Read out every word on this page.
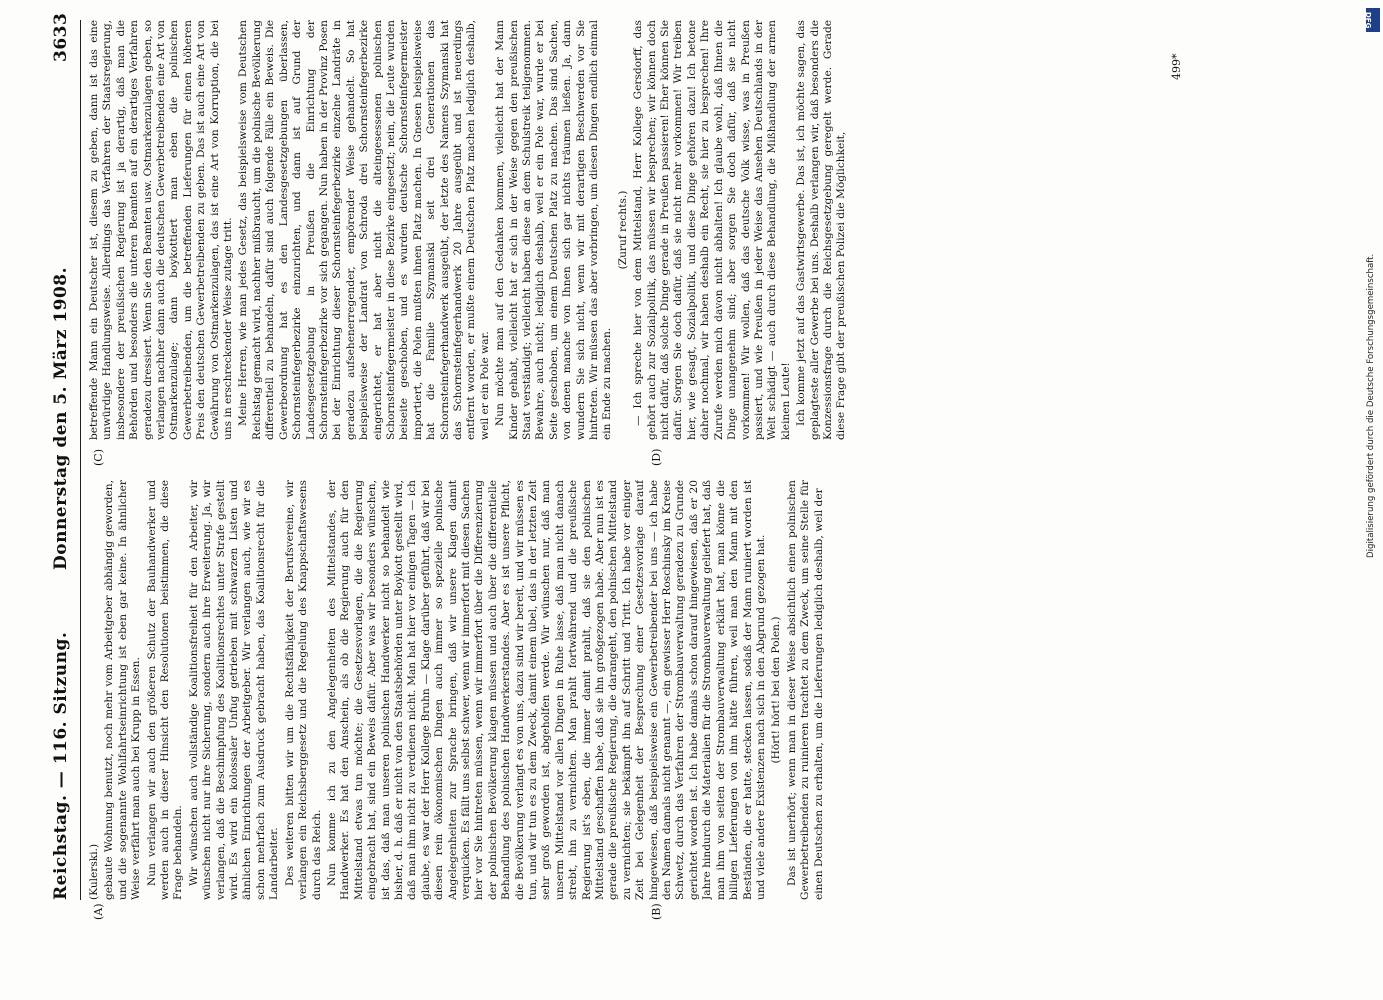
Reichstag. — 116. Sitzung.
Donnerstag den 5. März 1908.
3633
(A)
(C)
(B)
(D)

(Kulerski.) gebaute Wohnung benutzt, noch mehr vom Arbeitgeber abhängig geworden, und die sogenannte Wohlfahrtseinrichtung ist eben gar keine. In ähnlicher Weise verfährt man auch bei Krupp in Essen. Nun verlangen wir auch den größeren Schutz der Bauhandwerker und werden auch in dieser Hinsicht den Resolutionen beistimmen, die diese Frage behandeln. Wir wünschen auch vollständige Koalitionsfreiheit für den Arbeiter, wir wünschen nicht nur ihre Sicherung, sondern auch ihre Erweiterung. Ja, wir verlangen, daß die Beschimpfung des Koalitionsrechtes unter Strafe gestellt wird. Es wird ein kolossaler Unfug getrieben mit schwarzen Listen und ähnlichen Einrichtungen der Arbeitgeber. Wir verlangen auch, wie wir es schon mehrfach zum Ausdruck gebracht haben, das Koalitionsrecht für die Landarbeiter. Des weiteren bitten wir um die Rechtsfähigkeit der Berufsvereine, wir verlangen ein Reichsberggesetz und die Regelung des Knappschaftswesens durch das Reich. Nun komme ich zu den Angelegenheiten des Mittelstandes, der Handwerker. Es hat den Anschein, als ob die Regierung auch für den Mittelstand etwas tun möchte; die Gesetzesvorlagen, die die Regierung eingebracht hat, sind ein Beweis dafür. Aber was wir besonders wünschen, ist das, daß man unseren polnischen Handwerker nicht so behandelt wie bisher, d. h. daß er nicht von den Staatsbehörden unter Boykott gestellt wird, daß man ihm nicht zu verdienen nicht. Man hat hier vor einigen Tagen — ich glaube, es war der Herr Kollege Bruhn — Klage darüber geführt, daß wir bei diesen rein ökonomischen Dingen auch immer so spezielle polnische Angelegenheiten zur Sprache bringen, daß wir unsere Klagen damit verquicken. Es fällt uns selbst schwer, wenn wir immerfort mit diesen Sachen hier vor Sie hintreten müssen, wenn wir immerfort über die Differenzierung der polnischen Bevölkerung klagen müssen und auch über die differentielle Behandlung des polnischen Handwerkerstandes. Aber es ist unsere Pflicht, die Bevölkerung verlangt es von uns, dazu sind wir bereit, und wir müssen es tun, und wir tun es zu dem Zweck, damit einem übel, das in der letzten Zeit sehr groß geworden ist, abgeholfen werde. Wir wünschen nur, daß man unserm Mittelstand vor allen Dingen in Ruhe lasse, daß man nicht danach strebt, ihn zu vernichten. Man prahlt fortwährend und die preußische Regierung ist's eben, die immer damit prahlt, daß sie den polnischen Mittelstand geschaffen habe, daß sie ihn großgezogen habe. Aber nun ist es gerade die preußische Regierung, die darangeht, den polnischen Mittelstand zu vernichten; sie bekämpft ihn auf Schritt und Tritt. Ich habe vor einiger Zeit bei Gelegenheit der Besprechung einer Gesetzesvorlage darauf hingewiesen, daß beispielsweise ein Gewerbetreibender bei uns — ich habe den Namen damals nicht genannt —, ein gewisser Herr Roschinsky im Kreise Schwetz, durch das Verfahren der Strombauverwaltung geradezu zu Grunde gerichtet worden ist. Ich habe damals schon darauf hingewiesen, daß er 20 Jahre hindurch die Materialien für die Strombauverwaltung geliefert hat, daß man ihm von seiten der Strombauverwaltung erklärt hat, man könne die billigen Lieferungen von ihm hätte führen, weil man den Mann mit den Beständen, die er hatte, stecken lassen, sodaß der Mann ruiniert worden ist und viele andere Existenzen nach sich in den Abgrund gezogen hat. (Hört! hört! bei den Polen.) Das ist unerhört; wenn man in dieser Weise absichtlich einen polnischen Gewerbetreibenden zu ruinieren trachtet zu dem Zweck, um seine Stelle für einen Deutschen zu erhalten, um die Lieferungen lediglich deshalb, weil der

betreffende Mann ein Deutscher ist, diesem zu geben, dann ist das eine unwürdige Handlungsweise. Allerdings das Verfahren der Staatsregierung, insbesondere der preußischen Regierung ist ja derartig, daß man die Behörden und besonders die unteren Beamten auf ein derartiges Verfahren geradezu dressiert. Wenn Sie den Beamten usw. Ostmarkenzulagen geben, so verlangen nachher dann auch die deutschen Gewerbetreibenden eine Art von Ostmarkenzulage; dann boykottiert man eben die polnischen Gewerbetreibenden, um die betreffenden Lieferungen für einen höheren Preis den deutschen Gewerbetreibenden zu geben. Das ist auch eine Art von Gewährung von Ostmarkenzulagen, das ist eine Art von Korruption, die bei uns in erschreckender Weise zutage tritt. Meine Herren, wie man jedes Gesetz, das beispielsweise vom Deutschen Reichstag gemacht wird, nachher mißbraucht, um die polnische Bevölkerung differentiell zu behandeln, dafür sind auch folgende Fälle ein Beweis. Die Gewerbeordnung hat es den Landesgesetzgebungen überlassen, Schornsteinfegerbezirke einzurichten, und dann ist auf Grund der Landesgesetzgebung in Preußen die Einrichtung der Schornsteinfegerbezirke vor sich gegangen. Nun haben in der Provinz Posen bei der Einrichtung dieser Schornsteinfegerbezirke einzelne Landräte in geradezu aufsehenerregender, empörender Weise gehandelt. So hat beispielsweise der Landrat von Schroda drei Schornsteinfegerbezirke eingerichtet, er hat aber nicht die alteingesessenen polnischen Schornsteinfegermeister in diese Bezirke eingesetzt; nein, die Leute wurden beiseite geschoben, und es wurden deutsche Schornsteinfegermeister importiert, die Polen mußten ihnen Platz machen. In Gnesen beispielsweise hat die Familie Szymanski seit drei Generationen das Schornsteinfegerhandwerk ausgeübt, der letzte des Namens Szymanski hat das Schornsteinfegerhandwerk 20 Jahre ausgeübt und ist neuerdings entfernt worden, er mußte einem Deutschen Platz machen lediglich deshalb, weil er ein Pole war. Nun möchte man auf den Gedanken kommen, vielleicht hat der Mann Kinder gehabt, vielleicht hat er sich in der Weise gegen den preußischen Staat verständigt; vielleicht haben diese an dem Schulstreik teilgenommen. Bewahre, auch nicht; lediglich deshalb, weil er ein Pole war, wurde er bei Seite geschoben, um einem Deutschen Platz zu machen. Das sind Sachen, von denen manche von Ihnen sich gar nichts träumen ließen. Ja, dann wundern Sie sich nicht, wenn wir mit derartigen Beschwerden vor Sie hintreten. Wir müssen das aber vorbringen, um diesen Dingen endlich einmal ein Ende zu machen.

(Zuruf rechts.) — Ich spreche hier von dem Mittelstand, Herr Kollege Gersdorff, das gehört auch zur Sozialpolitik, das müssen wir besprechen; wir können doch nicht dafür, daß solche Dinge gerade in Preußen passieren! Eher können Sie dafür. Sorgen Sie doch dafür, daß sie nicht mehr vorkommen! Wir treiben hier, wie gesagt, Sozialpolitik, und diese Dinge gehören dazu! Ich betone daher nochmal, wir haben deshalb ein Recht, sie hier zu besprechen! Ihre Zurufe werden mich davon nicht abhalten! Ich glaube wohl, daß Ihnen die Dinge unangenehm sind; aber sorgen Sie doch dafür, daß sie nicht vorkommen! Wir wollen, daß das deutsche Volk wisse, was in Preußen passiert, und wie Preußen in jeder Weise das Ansehen Deutschlands in der Welt schädigt — auch durch diese Behandlung, die Mißhandlung der armen kleinen Leute! Ich komme jetzt auf das Gastwirtsgewerbe. Das ist, ich möchte sagen, das geplagteste aller Gewerbe bei uns. Deshalb verlangen wir, daß besonders die Konzessionsfrage durch die Reichsgesetzgebung geregelt werde. Gerade diese Frage gibt der preußischen Polizei die Möglichkeit,

499*
DFG
Digitalisierung gefördert durch die Deutsche Forschungsgemeinschaft.
